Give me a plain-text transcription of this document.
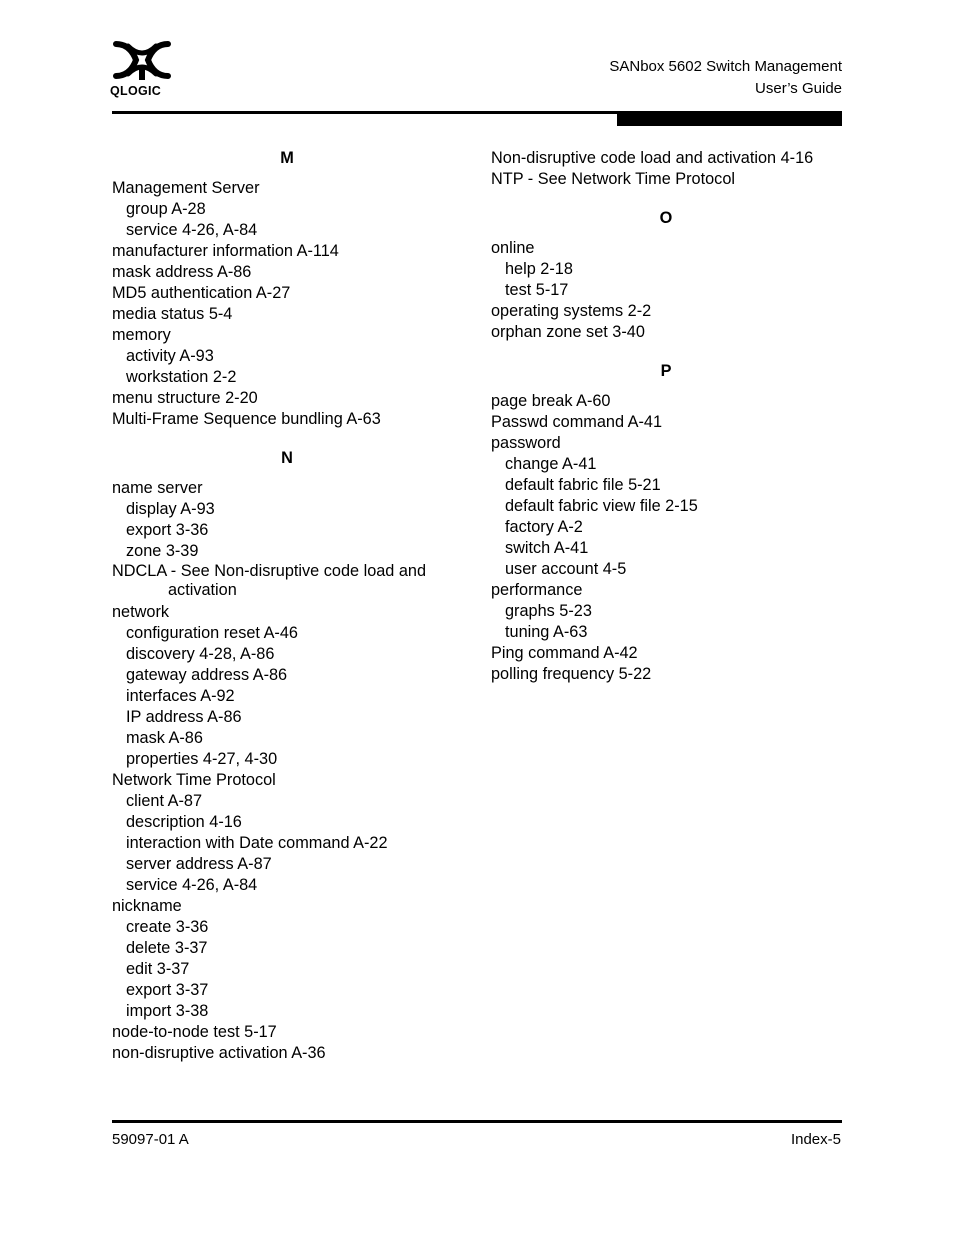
QLOGIC
SANbox 5602 Switch Management
User’s Guide
M
Management Server
group A-28
service 4-26, A-84
manufacturer information A-114
mask address A-86
MD5 authentication A-27
media status 5-4
memory
activity A-93
workstation 2-2
menu structure 2-20
Multi-Frame Sequence bundling A-63
N
name server
display A-93
export 3-36
zone 3-39
NDCLA - See Non-disruptive code load and activation
network
configuration reset A-46
discovery 4-28, A-86
gateway address A-86
interfaces A-92
IP address A-86
mask A-86
properties 4-27, 4-30
Network Time Protocol
client A-87
description 4-16
interaction with Date command A-22
server address A-87
service 4-26, A-84
nickname
create 3-36
delete 3-37
edit 3-37
export 3-37
import 3-38
node-to-node test 5-17
non-disruptive activation A-36
Non-disruptive code load and activation 4-16
NTP - See Network Time Protocol
O
online
help 2-18
test 5-17
operating systems 2-2
orphan zone set 3-40
P
page break A-60
Passwd command A-41
password
change A-41
default fabric file 5-21
default fabric view file 2-15
factory A-2
switch A-41
user account 4-5
performance
graphs 5-23
tuning A-63
Ping command A-42
polling frequency 5-22
59097-01 A	Index-5
